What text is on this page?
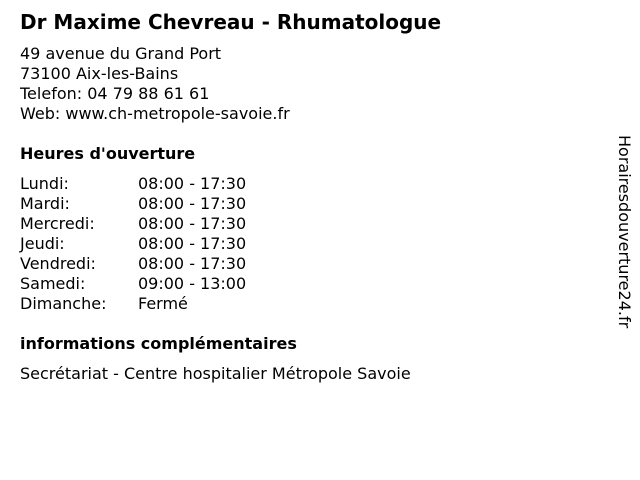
Dr Maxime Chevreau - Rhumatologue
49 avenue du Grand Port
73100 Aix-les-Bains
Telefon: 04 79 88 61 61
Web: www.ch-metropole-savoie.fr
Heures d'ouverture
Lundi:	08:00 - 17:30
Mardi:	08:00 - 17:30
Mercredi:	08:00 - 17:30
Jeudi:	08:00 - 17:30
Vendredi:	08:00 - 17:30
Samedi:	09:00 - 13:00
Dimanche: Fermé
informations complémentaires
Secrétariat - Centre hospitalier Métropole Savoie
Horairesdouverture24.fr
